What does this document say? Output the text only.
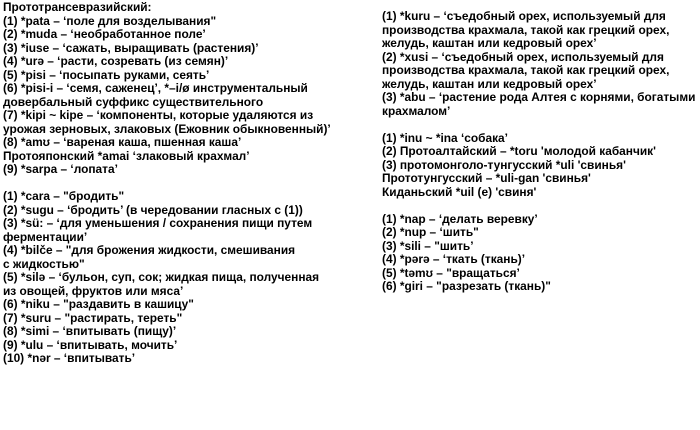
Прототрансевразийский:
(1) *pata – ‘поле для возделывания"
(2) *muda – ‘необработанное поле’
(3) *iuse – ‘сажать, выращивать (растения)’
(4) *urə – ‘расти, созревать (из семян)’
(5) *pisi – ‘посыпать руками, сеять’
(6) *pisi-i – ‘семя, саженец’, *–i/ø инструментальный
довербальный суффикс существительного
(7) *kipi ~ kipe – ‘компоненты, которые удаляются из
урожая зерновых, злаковых (Ежовник обыкновенный)’
(8) *amʊ – ‘вареная каша, пшенная каша’
Протояпонский *amai ‘злаковый крахмал’
(9) *sarpa – ‘лопата’
(1) *cara – "бродить"
(2) *sugu – ‘бродить’ (в чередовании гласных с (1))
(3) *sü: – ‘для уменьшения / сохранения пищи путем
ферментации’
(4) *bilče – "для брожения жидкости, смешивания
с жидкостью"
(5) *silə – ‘бульон, суп, сок; жидкая пища, полученная
из овощей, фруктов или мяса’
(6) *niku – "раздавить в кашицу"
(7) *suru – "растирать, тереть"
(8) *simi – ‘впитывать (пищу)’
(9) *ulu – ‘впитывать, мочить’
(10) *nər – ‘впитывать’
(1) *kuru – ‘съедобный орех, используемый для производства крахмала, такой как грецкий орех, желудь, каштан или кедровый орех’
(2) *xusi – ‘съедобный орех, используемый для производства крахмала, такой как грецкий орех, желудь, каштан или кедровый орех’
(3) *abu – ‘растение рода Алтея с корнями, богатыми крахмалом’
(1) *inu ~ *ina ‘собака’
(2) Протоалтайский – *toru 'молодой кабанчик'
(3) протомонголо-тунгусский *uli 'свинья'
Прототунгусский – *uli-gan 'свинья'
Киданьский *uil (e) 'свиня'
(1) *nap – ‘делать веревку’
(2) *nup – ‘шить"
(3) *sili – "шить’
(4) *pərə – ‘ткать (ткань)’
(5) *təmʊ – "вращаться’
(6) *giri – "разрезать (ткань)"
